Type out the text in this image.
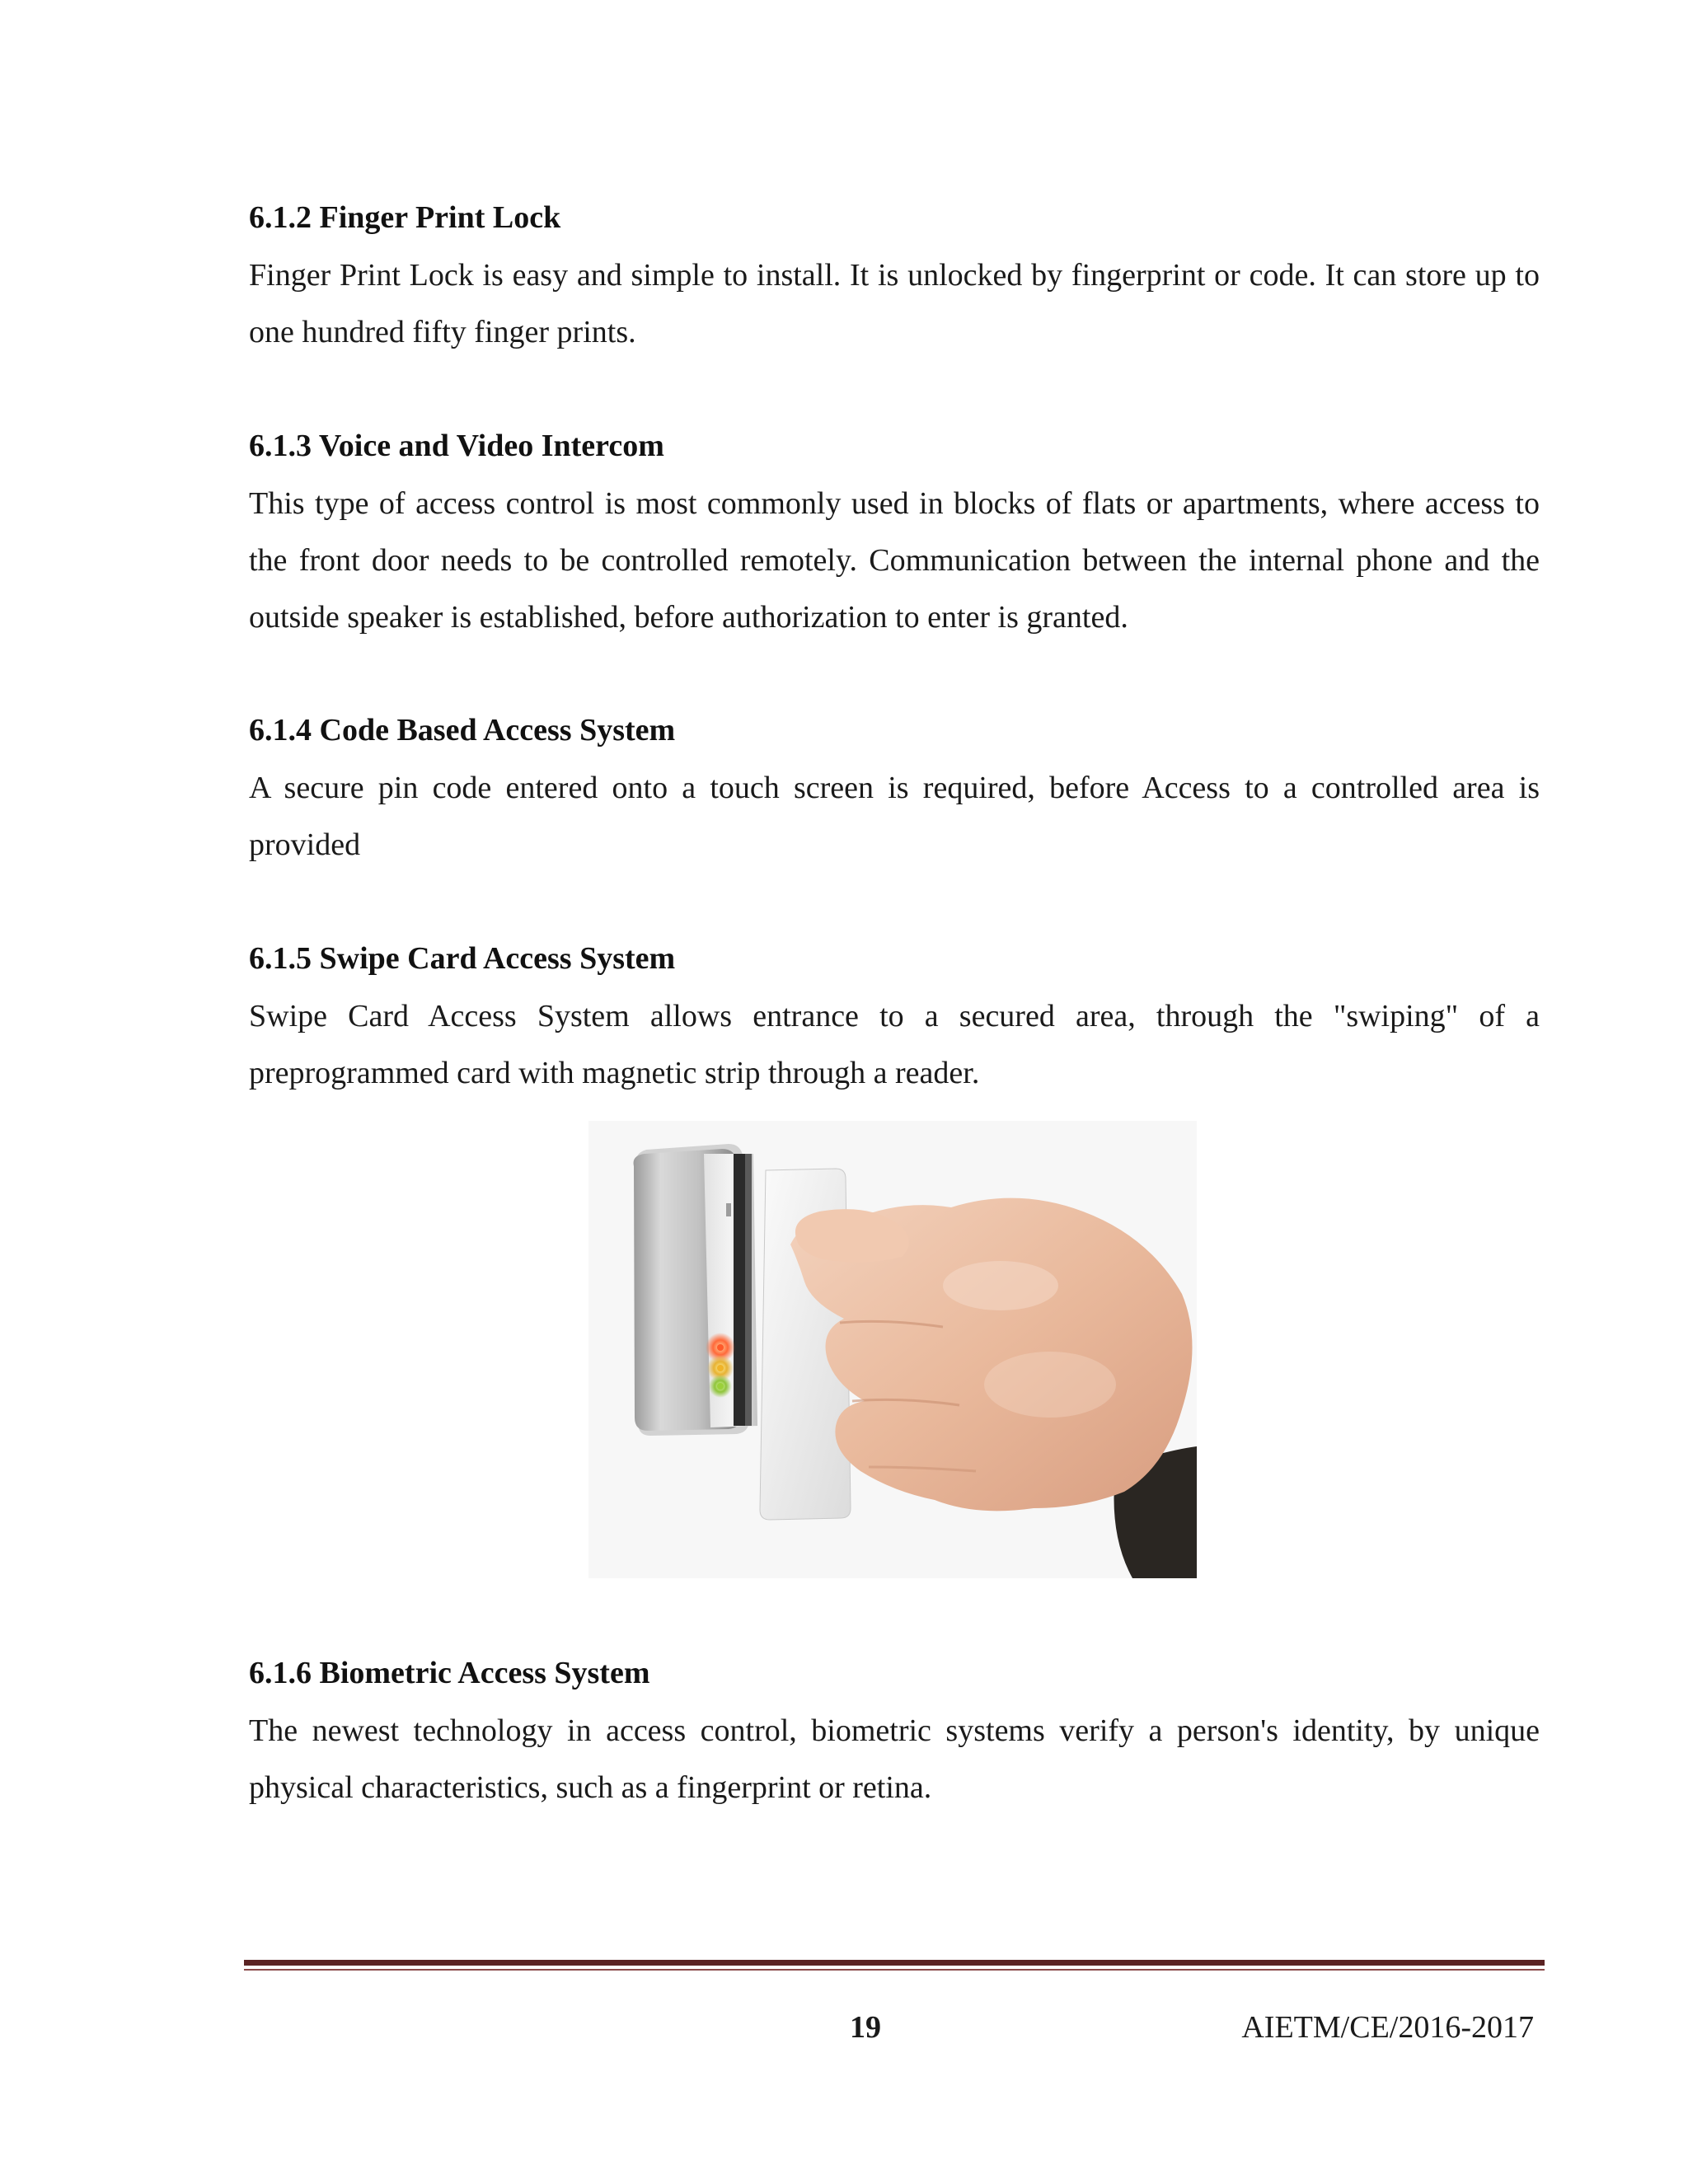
6.1.2 Finger Print Lock

Finger Print Lock is easy and simple to install. It is unlocked by fingerprint or code. It can store up to one hundred fifty finger prints.

6.1.3 Voice and Video Intercom

This type of access control is most commonly used in blocks of flats or apartments, where access to the front door needs to be controlled remotely. Communication between the internal phone and the outside speaker is established, before authorization to enter is granted.

6.1.4 Code Based Access System

A secure pin code entered onto a touch screen is required, before Access to a controlled area is provided

6.1.5 Swipe Card Access System

Swipe Card Access System allows entrance to a secured area, through the "swiping" of a preprogrammed card with magnetic strip through a reader.

6.1.6 Biometric Access System

The newest technology in access control, biometric systems verify a person's identity, by unique physical characteristics, such as a fingerprint or retina.

19	AIETM/CE/2016-2017
